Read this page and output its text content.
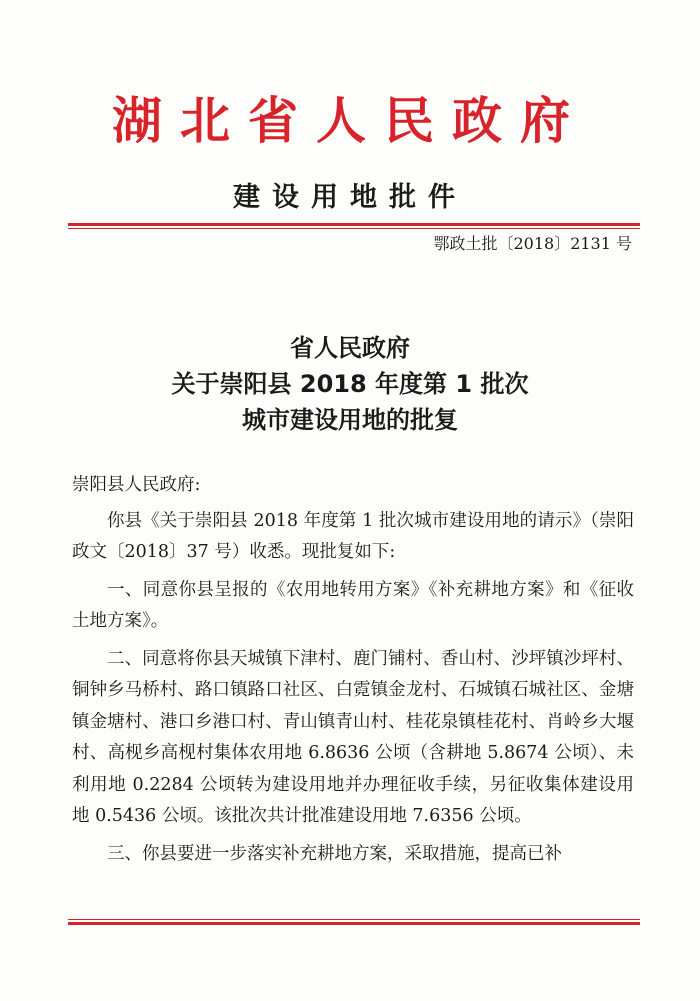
湖北省人民政府
建设用地批件
鄂政土批〔2018〕2131 号
省人民政府
关于崇阳县 2018 年度第 1 批次
城市建设用地的批复

崇阳县人民政府:

你县《关于崇阳县 2018 年度第 1 批次城市建设用地的请示》（崇阳政文〔2018〕37 号）收悉。现批复如下:

一、同意你县呈报的《农用地转用方案》《补充耕地方案》和《征收土地方案》。

二、同意将你县天城镇下津村、鹿门铺村、香山村、沙坪镇沙坪村、铜钟乡马桥村、路口镇路口社区、白霓镇金龙村、石城镇石城社区、金塘镇金塘村、港口乡港口村、青山镇青山村、桂花泉镇桂花村、肖岭乡大堰村、高枧乡高枧村集体农用地 6.8636 公顷（含耕地 5.8674 公顷）、未利用地 0.2284 公顷转为建设用地并办理征收手续，另征收集体建设用地 0.5436 公顷。该批次共计批准建设用地 7.6356 公顷。

三、你县要进一步落实补充耕地方案，采取措施，提高已补
